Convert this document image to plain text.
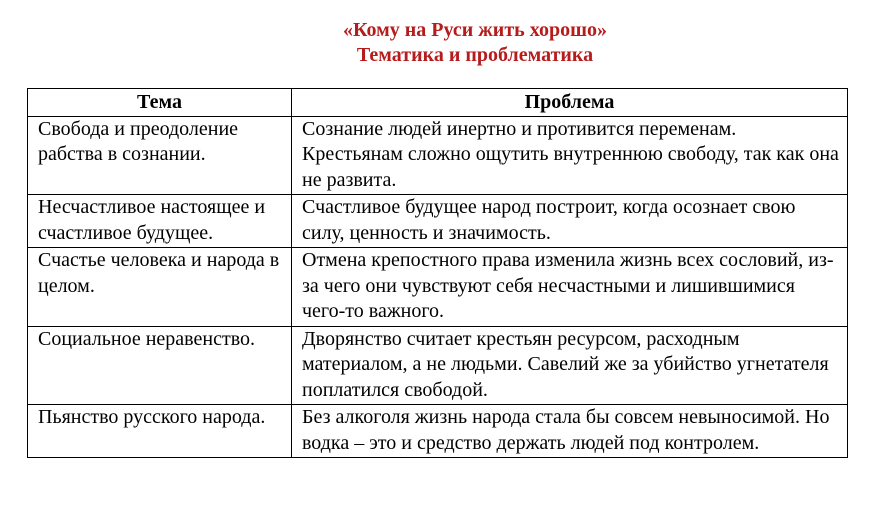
«Кому на Руси жить хорошо»
Тематика и проблематика
Тема	Проблема
Свобода и преодоление рабства в сознании.	Сознание людей инертно и противится переменам. Крестьянам сложно ощутить внутреннюю свободу, так как она не развита.
Несчастливое настоящее и счастливое будущее.	Счастливое будущее народ построит, когда осознает свою силу, ценность и значимость.
Счастье человека и народа в целом.	Отмена крепостного права изменила жизнь всех сословий, из-за чего они чувствуют себя несчастными и лишившимися чего-то важного.
Социальное неравенство.	Дворянство считает крестьян ресурсом, расходным материалом, а не людьми. Савелий же за убийство угнетателя поплатился свободой.
Пьянство русского народа.	Без алкоголя жизнь народа стала бы совсем невыносимой. Но водка – это и средство держать людей под контролем.
